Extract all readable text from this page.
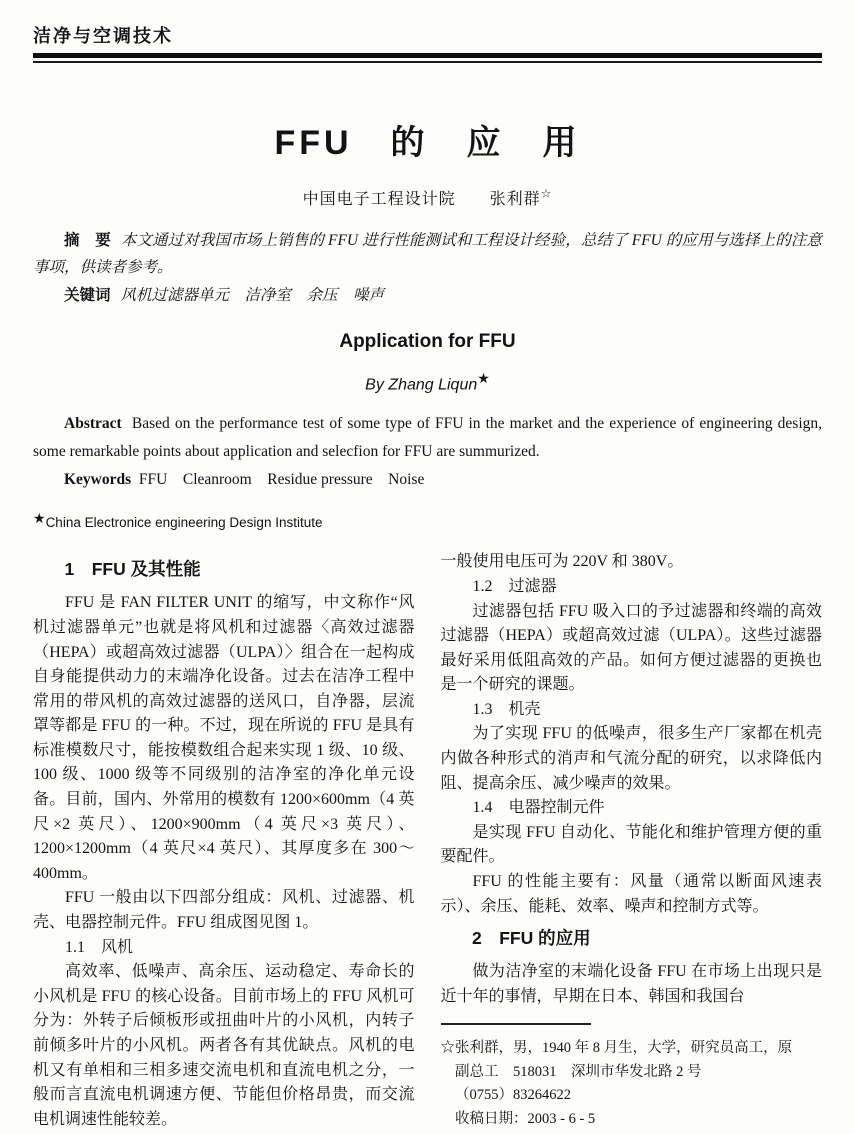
洁净与空调技术
FFU　的　应　用
中国电子工程设计院 张利群☆
摘　要 本文通过对我国市场上销售的 FFU 进行性能测试和工程设计经验，总结了 FFU 的应用与选择上的注意事项，供读者参考。
关键词 风机过滤器单元　洁净室　余压　噪声
Application for FFU
By Zhang Liqun★
Abstract Based on the performance test of some type of FFU in the market and the experience of engineering design, some remarkable points about application and selecfion for FFU are summurized.
Keywords FFU　Cleanroom　Residue pressure　Noise
★China Electronice engineering Design Institute
1　FFU 及其性能

FFU 是 FAN FILTER UNIT 的缩写，中文称作“风机过滤器单元”也就是将风机和过滤器〈高效过滤器（HEPA）或超高效过滤器（ULPA）〉组合在一起构成自身能提供动力的末端净化设备。过去在洁净工程中常用的带风机的高效过滤器的送风口，自净器，层流罩等都是 FFU 的一种。不过，现在所说的 FFU 是具有标准模数尺寸，能按模数组合起来实现 1 级、10 级、100 级、1000 级等不同级别的洁净室的净化单元设备。目前，国内、外常用的模数有 1200×600mm（4 英尺×2 英尺）、1200×900mm（4 英尺×3 英尺）、1200×1200mm（4 英尺×4 英尺）、其厚度多在 300～400mm。

FFU 一般由以下四部分组成：风机、过滤器、机壳、电器控制元件。FFU 组成图见图 1。

1.1　风机

高效率、低噪声、高余压、运动稳定、寿命长的小风机是 FFU 的核心设备。目前市场上的 FFU 风机可分为：外转子后倾板形或扭曲叶片的小风机，内转子前倾多叶片的小风机。两者各有其优缺点。风机的电机又有单相和三相多速交流电机和直流电机之分，一般而言直流电机调速方便、节能但价格昂贵，而交流电机调速性能较差。

一般使用电压可为 220V 和 380V。

1.2　过滤器

过滤器包括 FFU 吸入口的予过滤器和终端的高效过滤器（HEPA）或超高效过滤（ULPA）。这些过滤器最好采用低阻高效的产品。如何方便过滤器的更换也是一个研究的课题。

1.3　机壳

为了实现 FFU 的低噪声，很多生产厂家都在机壳内做各种形式的消声和气流分配的研究，以求降低内阻、提高余压、减少噪声的效果。

1.4　电器控制元件

是实现 FFU 自动化、节能化和维护管理方便的重要配件。

FFU 的性能主要有：风量（通常以断面风速表示）、余压、能耗、效率、噪声和控制方式等。

2　FFU 的应用

做为洁净室的末端化设备 FFU 在市场上出现只是近十年的事情，早期在日本、韩国和我国台

☆张利群，男，1940 年 8 月生，大学，研究员高工，原
副总工　518031　深圳市华发北路 2 号
（0755）83264622
收稿日期：2003 - 6 - 5
